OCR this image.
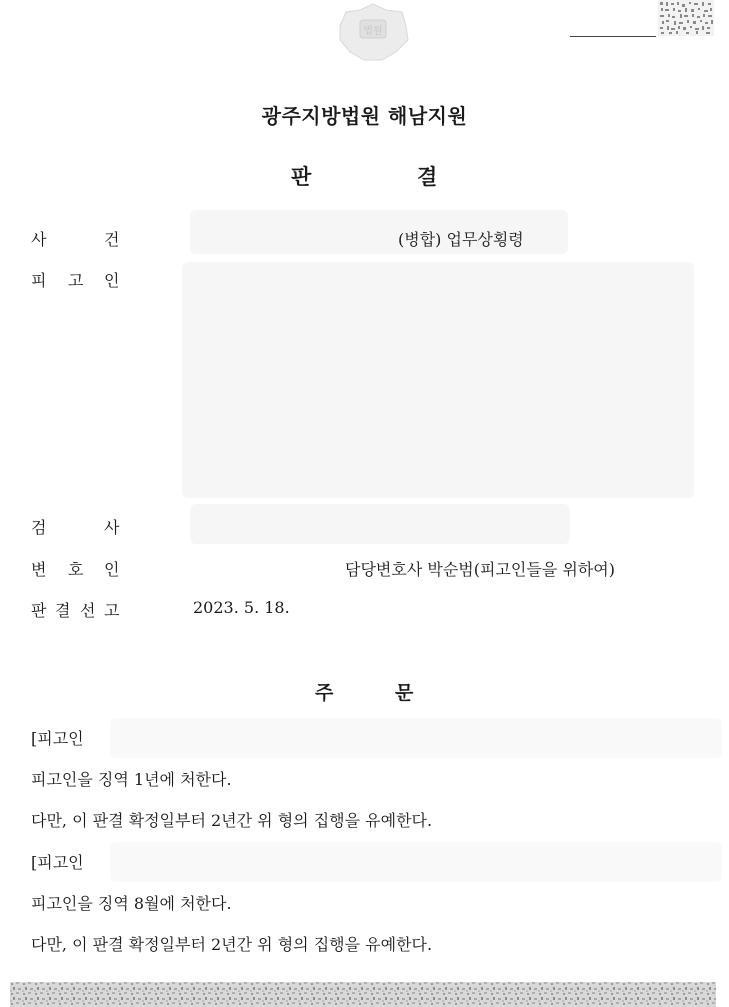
법원
광주지방법원 해남지원
판	결
사	건	(병합) 업무상횡령
피 고 인
검	사
변 호 인	담당변호사 박순범(피고인들을 위하여)
판 결 선 고	2023. 5. 18.
주	문
[피고인
피고인을 징역 1년에 처한다.
다만, 이 판결 확정일부터 2년간 위 형의 집행을 유예한다.
[피고인
피고인을 징역 8월에 처한다.
다만, 이 판결 확정일부터 2년간 위 형의 집행을 유예한다.
